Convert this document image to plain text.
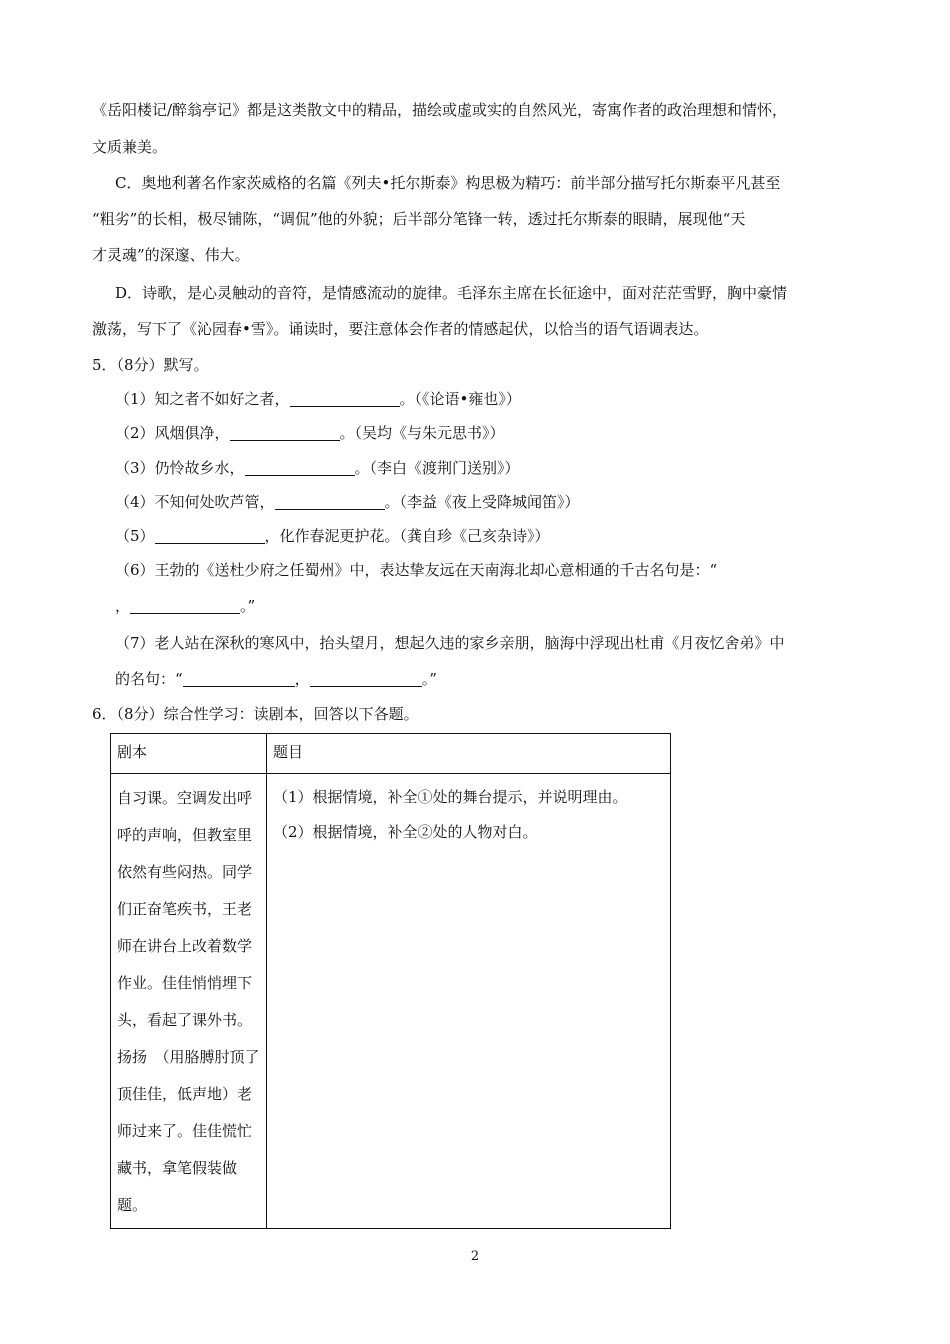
《岳阳楼记/醉翁亭记》都是这类散文中的精品，描绘或虚或实的自然风光，寄寓作者的政治理想和情怀，
文质兼美。
C．奥地利著名作家茨威格的名篇《列夫•托尔斯泰》构思极为精巧：前半部分描写托尔斯泰平凡甚至
“粗劣”的长相，极尽铺陈，“调侃”他的外貌；后半部分笔锋一转，透过托尔斯泰的眼睛，展现他“天
才灵魂”的深邃、伟大。
D．诗歌，是心灵触动的音符，是情感流动的旋律。毛泽东主席在长征途中，面对茫茫雪野，胸中豪情
激荡，写下了《沁园春•雪》。诵读时，要注意体会作者的情感起伏，以恰当的语气语调表达。
5．（8分）默写。
（1）知之者不如好之者，	。（《论语•雍也》）
（2）风烟俱净，	。（吴均《与朱元思书》）
（3）仍怜故乡水，	。（李白《渡荆门送别》）
（4）不知何处吹芦管，	。（李益《夜上受降城闻笛》）
（5）	，化作春泥更护花。（龚自珍《己亥杂诗》）
（6）王勃的《送杜少府之任蜀州》中，表达挚友远在天南海北却心意相通的千古名句是：“
，	。”
（7）老人站在深秋的寒风中，抬头望月，想起久违的家乡亲朋，脑海中浮现出杜甫《月夜忆舍弟》中
的名句：“	，	。”
6．（8分）综合性学习：读剧本，回答以下各题。
剧本	题目
自习课。空调发出呼呼的声响，但教室里依然有些闷热。同学们正奋笔疾书，王老师在讲台上改着数学作业。佳佳悄悄埋下头，看起了课外书。扬扬　（用胳膊肘顶了顶佳佳，低声地）老师过来了。佳佳慌忙藏书，拿笔假装做题。	（1）根据情境，补全①处的舞台提示，并说明理由。
（2）根据情境，补全②处的人物对白。
2
